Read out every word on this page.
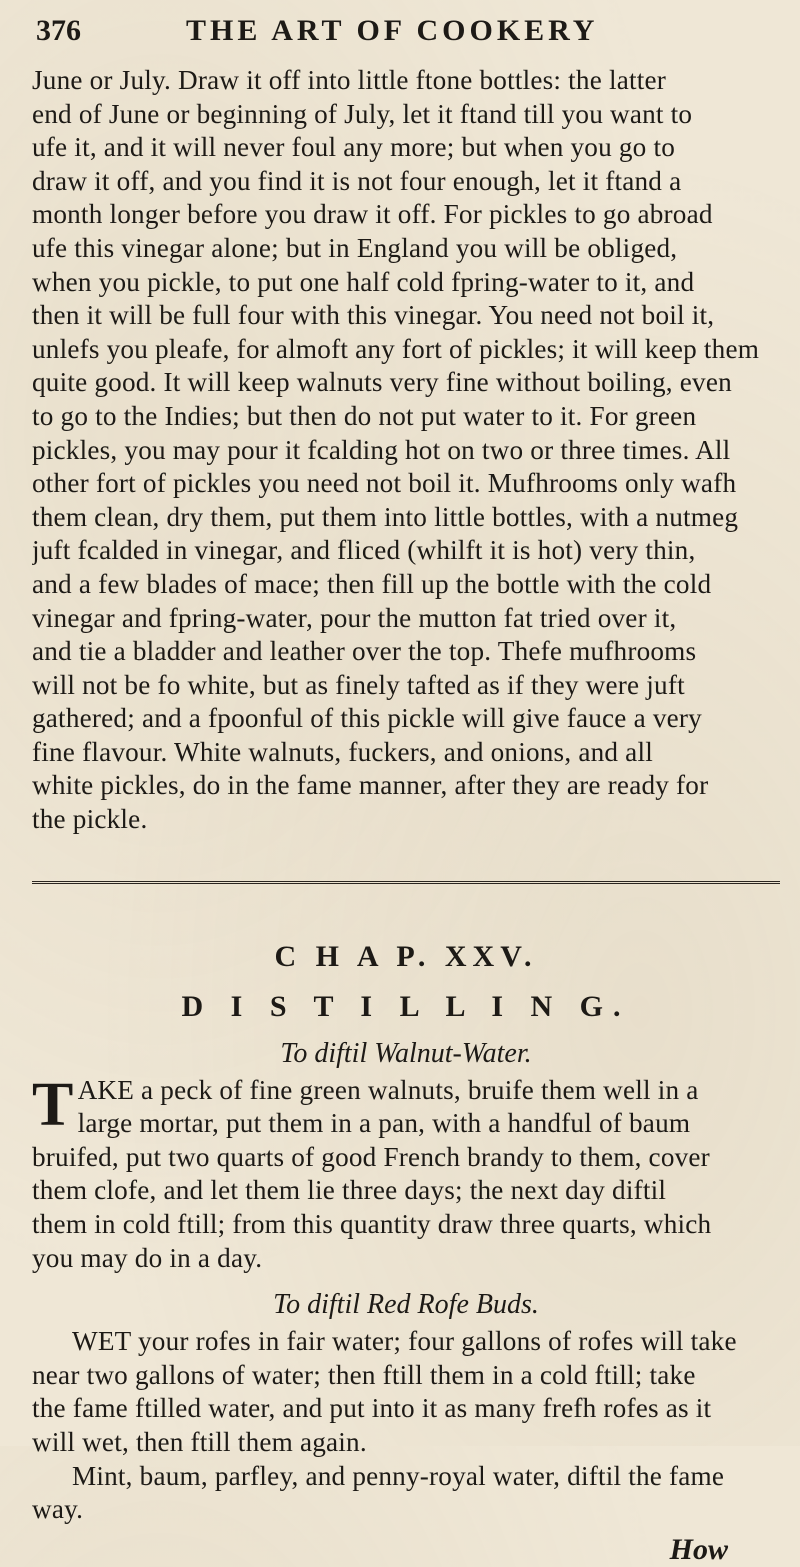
376	THE ART OF COOKERY
June or July. Draw it off into little ftone bottles: the latter
end of June or beginning of July, let it ftand till you want to
ufe it, and it will never foul any more; but when you go to
draw it off, and you find it is not four enough, let it ftand a
month longer before you draw it off. For pickles to go abroad
ufe this vinegar alone; but in England you will be obliged,
when you pickle, to put one half cold fpring-water to it, and
then it will be full four with this vinegar. You need not boil it,
unlefs you pleafe, for almoft any fort of pickles; it will keep them
quite good. It will keep walnuts very fine without boiling, even
to go to the Indies; but then do not put water to it. For green
pickles, you may pour it fcalding hot on two or three times. All
other fort of pickles you need not boil it. Mufhrooms only wafh
them clean, dry them, put them into little bottles, with a nutmeg
juft fcalded in vinegar, and fliced (whilft it is hot) very thin,
and a few blades of mace; then fill up the bottle with the cold
vinegar and fpring-water, pour the mutton fat tried over it,
and tie a bladder and leather over the top. Thefe mufhrooms
will not be fo white, but as finely tafted as if they were juft
gathered; and a fpoonful of this pickle will give fauce a very
fine flavour. White walnuts, fuckers, and onions, and all
white pickles, do in the fame manner, after they are ready for
the pickle.
C H A P. XXV.
D I S T I L L I N G.
To diftil Walnut-Water.
T AKE a peck of fine green walnuts, bruife them well in a
large mortar, put them in a pan, with a handful of baum
bruifed, put two quarts of good French brandy to them, cover
them clofe, and let them lie three days; the next day diftil
them in cold ftill; from this quantity draw three quarts, which
you may do in a day.
To diftil Red Rofe Buds.
WET your rofes in fair water; four gallons of rofes will take
near two gallons of water; then ftill them in a cold ftill; take
the fame ftilled water, and put into it as many frefh rofes as it
will wet, then ftill them again.
Mint, baum, parfley, and penny-royal water, diftil the fame
way.
How
